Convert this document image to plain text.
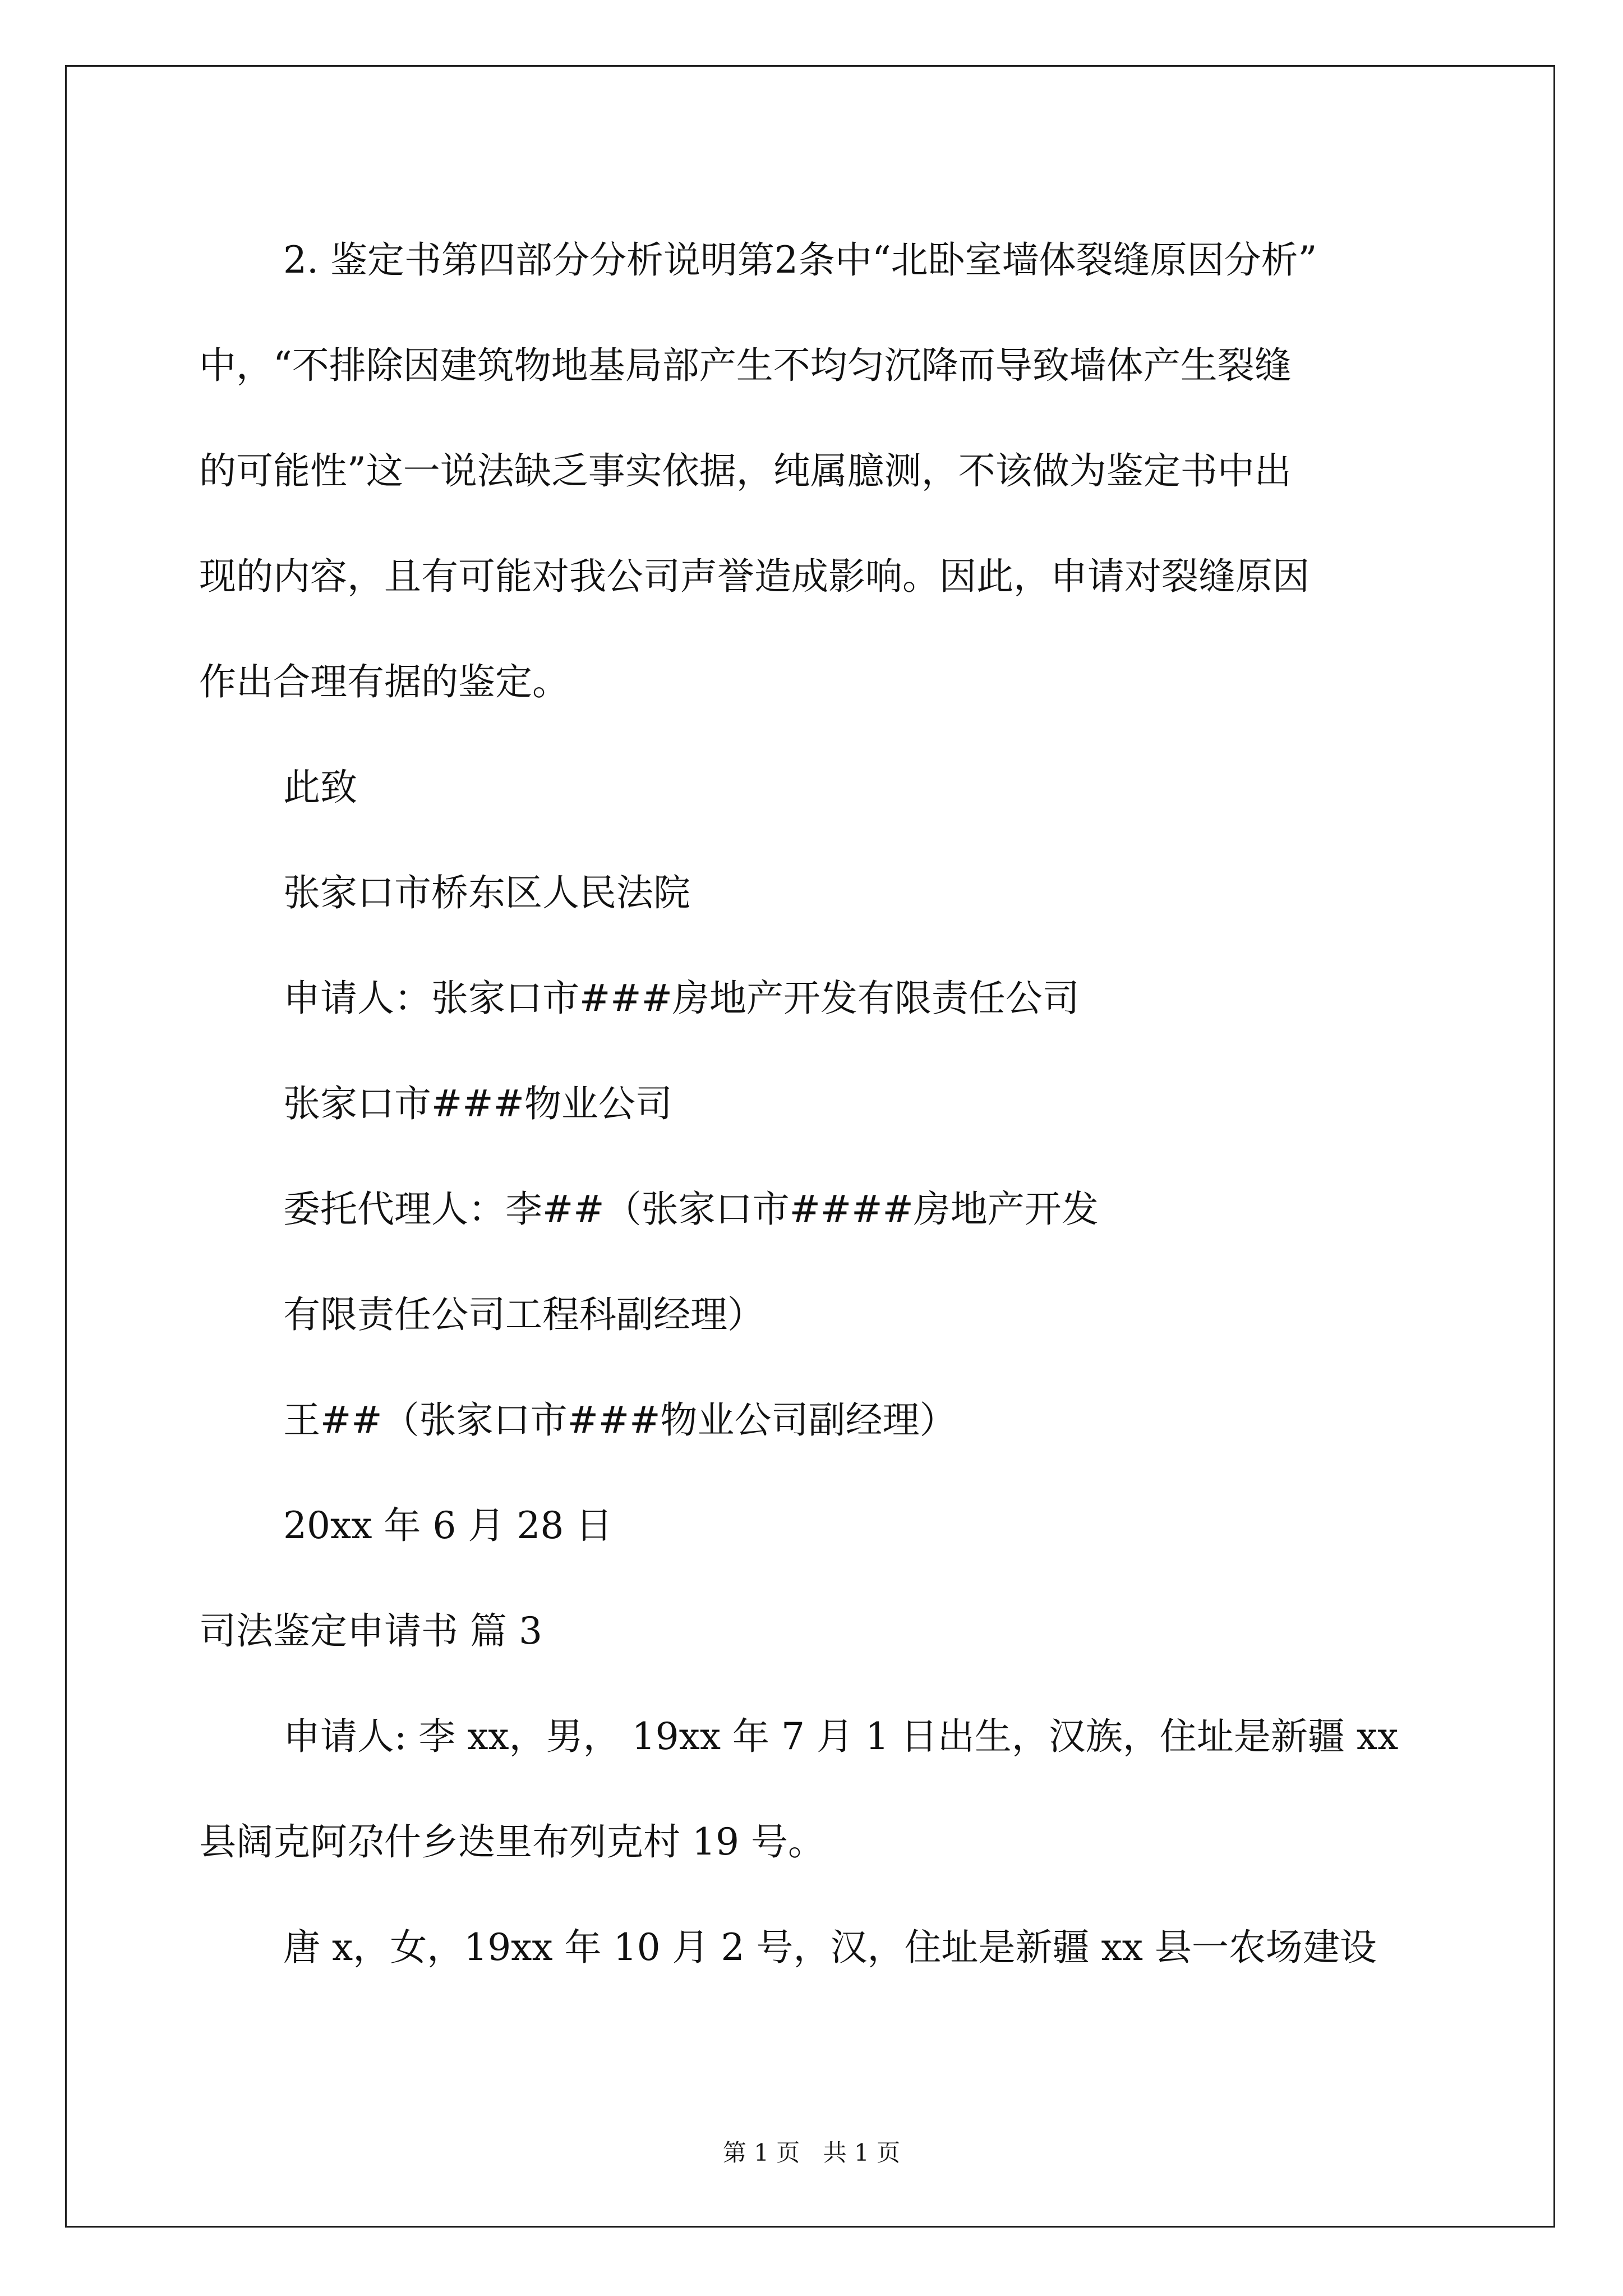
2. 鉴定书第四部分分析说明第2条中“北卧室墙体裂缝原因分析”
中，“不排除因建筑物地基局部产生不均匀沉降而导致墙体产生裂缝
的可能性”这一说法缺乏事实依据，纯属臆测，不该做为鉴定书中出
现的内容，且有可能对我公司声誉造成影响。因此，申请对裂缝原因
作出合理有据的鉴定。
此致
张家口市桥东区人民法院
申请人：张家口市###房地产开发有限责任公司
张家口市###物业公司
委托代理人：李##（张家口市####房地产开发
有限责任公司工程科副经理）
王##（张家口市###物业公司副经理）
20xx 年 6 月 28 日
司法鉴定申请书 篇 3
申请人: 李 xx，男， 19xx 年 7 月 1 日出生，汉族，住址是新疆 xx
县阔克阿尕什乡迭里布列克村 19 号。
唐 x，女，19xx 年 10 月 2 号，汉，住址是新疆 xx 县一农场建设
第 1 页 共 1 页
